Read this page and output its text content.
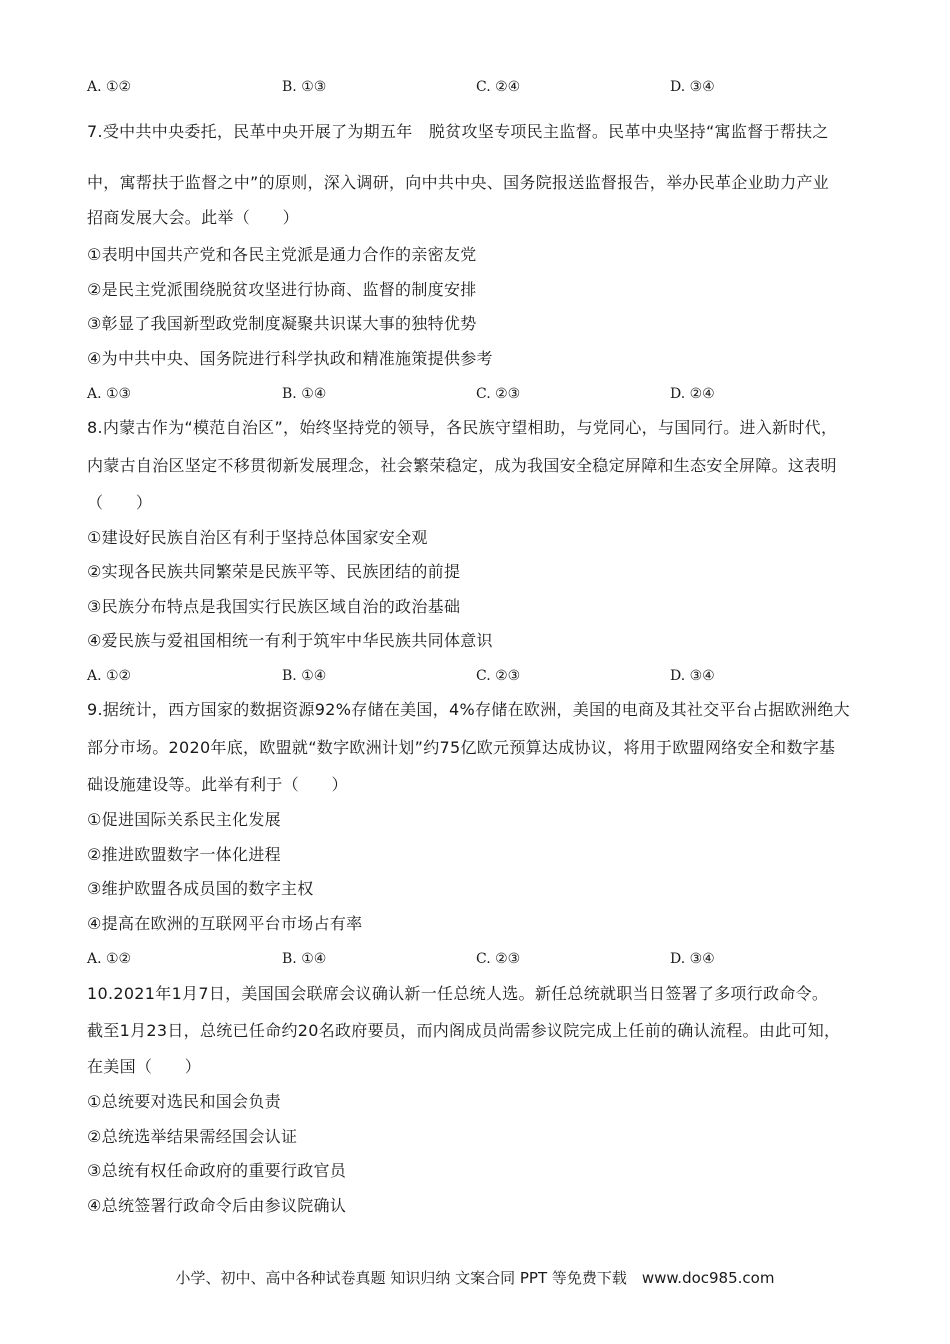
A. ①②	B. ①③	C. ②④	D. ③④
7.受中共中央委托，民革中央开展了为期五年　脱贫攻坚专项民主监督。民革中央坚持“寓监督于帮扶之
中，寓帮扶于监督之中”的原则，深入调研，向中共中央、国务院报送监督报告，举办民革企业助力产业
招商发展大会。此举（　　）
①表明中国共产党和各民主党派是通力合作的亲密友党
②是民主党派围绕脱贫攻坚进行协商、监督的制度安排
③彰显了我国新型政党制度凝聚共识谋大事的独特优势
④为中共中央、国务院进行科学执政和精准施策提供参考
A. ①③	B. ①④	C. ②③	D. ②④
8.内蒙古作为“模范自治区”，始终坚持党的领导，各民族守望相助，与党同心，与国同行。进入新时代，
内蒙古自治区坚定不移贯彻新发展理念，社会繁荣稳定，成为我国安全稳定屏障和生态安全屏障。这表明
（　　）
①建设好民族自治区有利于坚持总体国家安全观
②实现各民族共同繁荣是民族平等、民族团结的前提
③民族分布特点是我国实行民族区域自治的政治基础
④爱民族与爱祖国相统一有利于筑牢中华民族共同体意识
A. ①②	B. ①④	C. ②③	D. ③④
9.据统计，西方国家的数据资源92%存储在美国，4%存储在欧洲，美国的电商及其社交平台占据欧洲绝大
部分市场。2020年底，欧盟就“数字欧洲计划”约75亿欧元预算达成协议，将用于欧盟网络安全和数字基
础设施建设等。此举有利于（　　）
①促进国际关系民主化发展
②推进欧盟数字一体化进程
③维护欧盟各成员国的数字主权
④提高在欧洲的互联网平台市场占有率
A. ①②	B. ①④	C. ②③	D. ③④
10.2021年1月7日，美国国会联席会议确认新一任总统人选。新任总统就职当日签署了多项行政命令。
截至1月23日，总统已任命约20名政府要员，而内阁成员尚需参议院完成上任前的确认流程。由此可知，
在美国（　　）
①总统要对选民和国会负责
②总统选举结果需经国会认证
③总统有权任命政府的重要行政官员
④总统签署行政命令后由参议院确认
小学、初中、高中各种试卷真题 知识归纳 文案合同 PPT 等免费下载　www.doc985.com
